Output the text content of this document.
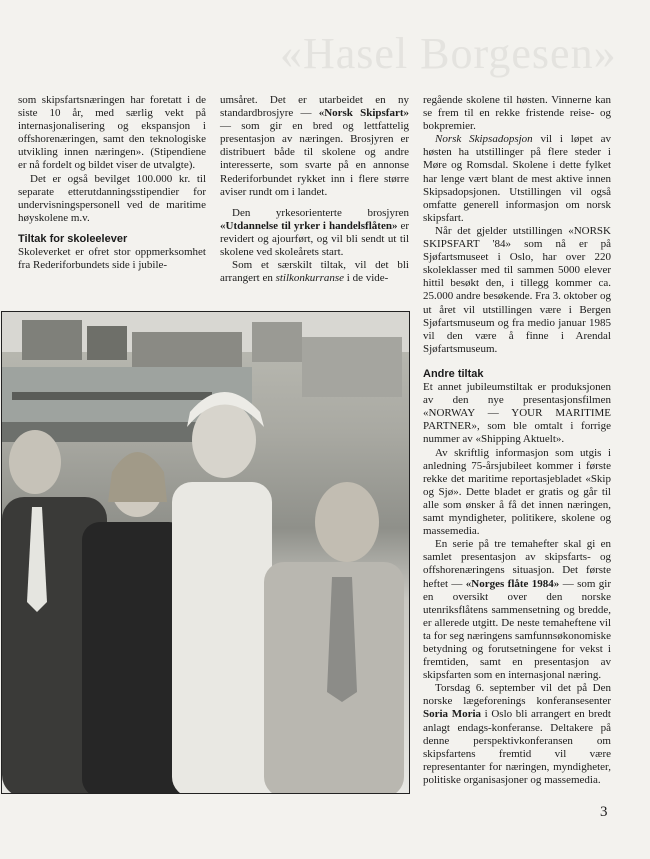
«Hasel Borgesen»

som skipsfartsnæringen har foretatt i de siste 10 år, med særlig vekt på internasjonalisering og ekspansjon i offshorenæringen, samt den teknologiske utvikling innen næringen». (Stipendiene er nå fordelt og bildet viser de utvalgte).

Det er også bevilget 100.000 kr. til separate etterutdanningsstipendier for undervisningspersonell ved de maritime høyskolene m.v.

Tiltak for skoleelever

Skoleverket er ofret stor oppmerksomhet fra Rederiforbundets side i jubile-

umsåret. Det er utarbeidet en ny standardbrosjyre — «Norsk Skipsfart» — som gir en bred og lettfattelig presentasjon av næringen. Brosjyren er distribuert både til skolene og andre interesserte, som svarte på en annonse Rederiforbundet rykket inn i flere større aviser rundt om i landet.

Den yrkesorienterte brosjyren «Utdannelse til yrker i handelsflåten» er revidert og ajourført, og vil bli sendt ut til skolene ved skoleårets start.

Som et særskilt tiltak, vil det bli arrangert en stilkonkurranse i de vide-

regående skolene til høsten. Vinnerne kan se frem til en rekke fristende reise- og bokpremier.

Norsk Skipsadopsjon vil i løpet av høsten ha utstillinger på flere steder i Møre og Romsdal. Skolene i dette fylket har lenge vært blant de mest aktive innen Skipsadopsjonen. Utstillingen vil også omfatte generell informasjon om norsk skipsfart.

Når det gjelder utstillingen «NORSK SKIPSFART '84» som nå er på Sjøfartsmuseet i Oslo, har over 220 skoleklasser med til sammen 5000 elever hittil besøkt den, i tillegg kommer ca. 25.000 andre besøkende. Fra 3. oktober og ut året vil utstillingen være i Bergen Sjøfartsmuseum og fra medio januar 1985 vil den være å finne i Arendal Sjøfartsmuseum.

Andre tiltak

Et annet jubileumstiltak er produksjonen av den nye presentasjonsfilmen «NORWAY — YOUR MARITIME PARTNER», som ble omtalt i forrige nummer av «Shipping Aktuelt».

Av skriftlig informasjon som utgis i anledning 75-årsjubileet kommer i første rekke det maritime reportasjebladet «Skip og Sjø». Dette bladet er gratis og går til alle som ønsker å få det innen næringen, samt myndigheter, politikere, skolene og massemedia.

En serie på tre temahefter skal gi en samlet presentasjon av skipsfarts- og offshorenæringens situasjon. Det første heftet — «Norges flåte 1984» — som gir en oversikt over den norske utenriksflåtens sammensetning og bredde, er allerede utgitt. De neste temaheftene vil ta for seg næringens samfunnsøkonomiske betydning og forutsetningene for vekst i fremtiden, samt en presentasjon av skipsfarten som en internasjonal næring.

Torsdag 6. september vil det på Den norske lægeforenings konferansesenter Soria Moria i Oslo bli arrangert en bredt anlagt endags-konferanse. Deltakere på denne perspektivkonferansen om skipsfartens fremtid vil være representanter for næringen, myndigheter, politiske organisasjoner og massemedia.

3
